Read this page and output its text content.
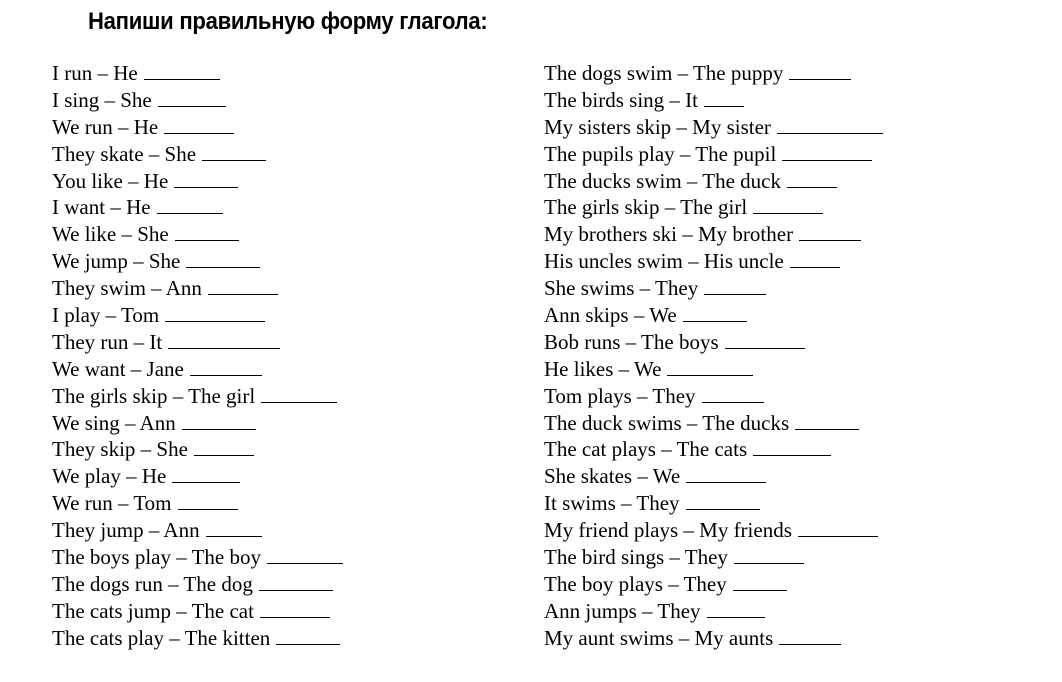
Напиши правильную форму глагола:
I run – He
I sing – She
We run – He
They skate – She
You like – He
I want – He
We like – She
We jump – She
They swim – Ann
I play – Tom
They run – It
We want – Jane
The girls skip – The girl
We sing – Ann
They skip – She
We play – He
We run – Tom
They jump – Ann
The boys play – The boy
The dogs run – The dog
The cats jump – The cat
The cats play – The kitten
The dogs swim – The puppy
The birds sing – It
My sisters skip – My sister
The pupils play – The pupil
The ducks swim – The duck
The girls skip – The girl
My brothers ski – My brother
His uncles swim – His uncle
She swims – They
Ann skips – We
Bob runs – The boys
He likes – We
Tom plays – They
The duck swims – The ducks
The cat plays – The cats
She skates – We
It swims – They
My friend plays – My friends
The bird sings – They
The boy plays – They
Ann jumps – They
My aunt swims – My aunts
